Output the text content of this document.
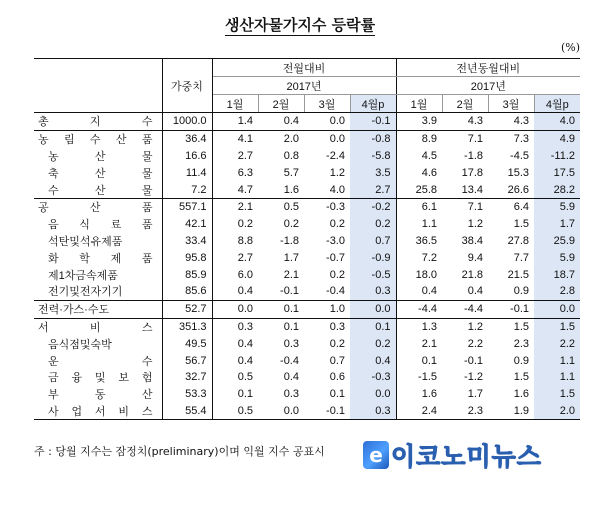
생산자물가지수 등락률
(%)
	가중치	전월대비				전년동월대비			
		2017년				2017년			
		1월	2월	3월	4월p	1월	2월	3월	4월p

총 지 수	1000.0	1.4	0.4	0.0	-0.1	3.9	4.3	4.3	4.0

농 림 수 산 품	36.4	4.1	2.0	0.0	-0.8	8.9	7.1	7.3	4.9

농 산 물	16.6	2.7	0.8	-2.4	-5.8	4.5	-1.8	-4.5	-11.2

축 산 물	11.4	6.3	5.7	1.2	3.5	4.6	17.8	15.3	17.5

수 산 물	7.2	4.7	1.6	4.0	2.7	25.8	13.4	26.6	28.2

공 산 품	557.1	2.1	0.5	-0.3	-0.2	6.1	7.1	6.4	5.9

음 식 료 품	42.1	0.2	0.2	0.2	0.2	1.1	1.2	1.5	1.7

석탄및석유제품	33.4	8.8	-1.8	-3.0	0.7	36.5	38.4	27.8	25.9

화 학 제 품	95.8	2.7	1.7	-0.7	-0.9	7.2	9.4	7.7	5.9

제1차금속제품	85.9	6.0	2.1	0.2	-0.5	18.0	21.8	21.5	18.7

전기및전자기기	85.6	0.4	-0.1	-0.4	0.3	0.4	0.4	0.9	2.8

전력·가스·수도	52.7	0.0	0.1	1.0	0.0	-4.4	-4.4	-0.1	0.0

서 비 스	351.3	0.3	0.1	0.3	0.1	1.3	1.2	1.5	1.5

음식점및숙박	49.5	0.4	0.3	0.2	0.2	2.1	2.2	2.3	2.2

운 수	56.7	0.4	-0.4	0.7	0.4	0.1	-0.1	0.9	1.1

금 융 및 보 험	32.7	0.5	0.4	0.6	-0.3	-1.5	-1.2	1.5	1.1

부 동 산	53.3	0.1	0.3	0.1	0.0	1.6	1.7	1.6	1.5

사 업 서 비 스	55.4	0.5	0.0	-0.1	0.3	2.4	2.3	1.9	2.0
주 : 당월 지수는 잠정치(preliminary)이며 익월 지수 공표시	e 이코노미뉴스
